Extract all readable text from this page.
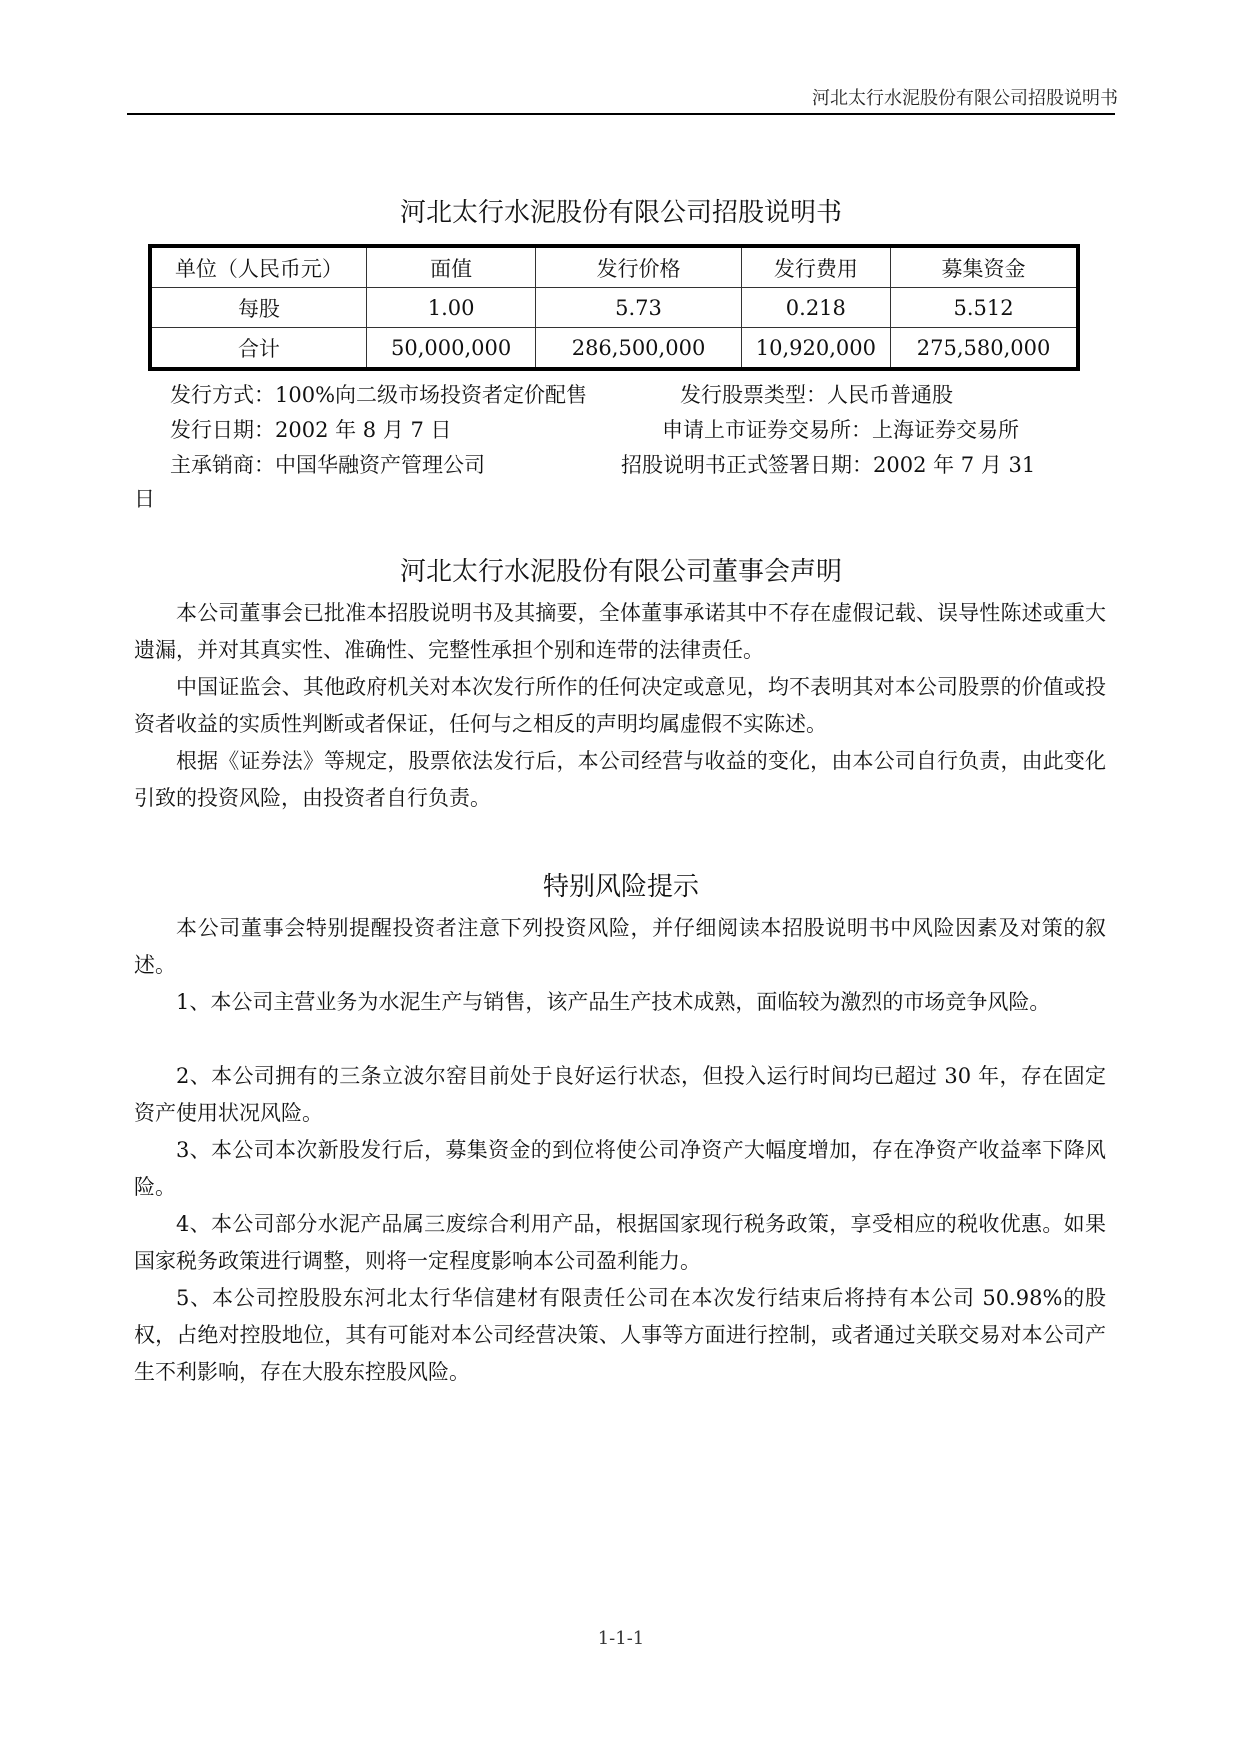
河北太行水泥股份有限公司招股说明书
河北太行水泥股份有限公司招股说明书
单位（人民币元）	面值	发行价格	发行费用	募集资金
每股	1.00	5.73	0.218	5.512
合计	50,000,000	286,500,000	10,920,000	275,580,000
发行方式：100%向二级市场投资者定价配售	发行股票类型：人民币普通股
发行日期：2002 年 8 月 7 日	申请上市证券交易所：上海证券交易所
主承销商：中国华融资产管理公司	招股说明书正式签署日期：2002 年 7 月 31
日
河北太行水泥股份有限公司董事会声明

本公司董事会已批准本招股说明书及其摘要，全体董事承诺其中不存在虚假记载、误导性陈述或重大遗漏，并对其真实性、准确性、完整性承担个别和连带的法律责任。

中国证监会、其他政府机关对本次发行所作的任何决定或意见，均不表明其对本公司股票的价值或投资者收益的实质性判断或者保证，任何与之相反的声明均属虚假不实陈述。

根据《证券法》等规定，股票依法发行后，本公司经营与收益的变化，由本公司自行负责，由此变化引致的投资风险，由投资者自行负责。

特别风险提示

本公司董事会特别提醒投资者注意下列投资风险，并仔细阅读本招股说明书中风险因素及对策的叙述。

1、本公司主营业务为水泥生产与销售，该产品生产技术成熟，面临较为激烈的市场竞争风险。

2、本公司拥有的三条立波尔窑目前处于良好运行状态，但投入运行时间均已超过 30 年，存在固定资产使用状况风险。

3、本公司本次新股发行后，募集资金的到位将使公司净资产大幅度增加，存在净资产收益率下降风险。

4、本公司部分水泥产品属三废综合利用产品，根据国家现行税务政策，享受相应的税收优惠。如果国家税务政策进行调整，则将一定程度影响本公司盈利能力。

5、本公司控股股东河北太行华信建材有限责任公司在本次发行结束后将持有本公司 50.98%的股权，占绝对控股地位，其有可能对本公司经营决策、人事等方面进行控制，或者通过关联交易对本公司产生不利影响，存在大股东控股风险。

1-1-1
